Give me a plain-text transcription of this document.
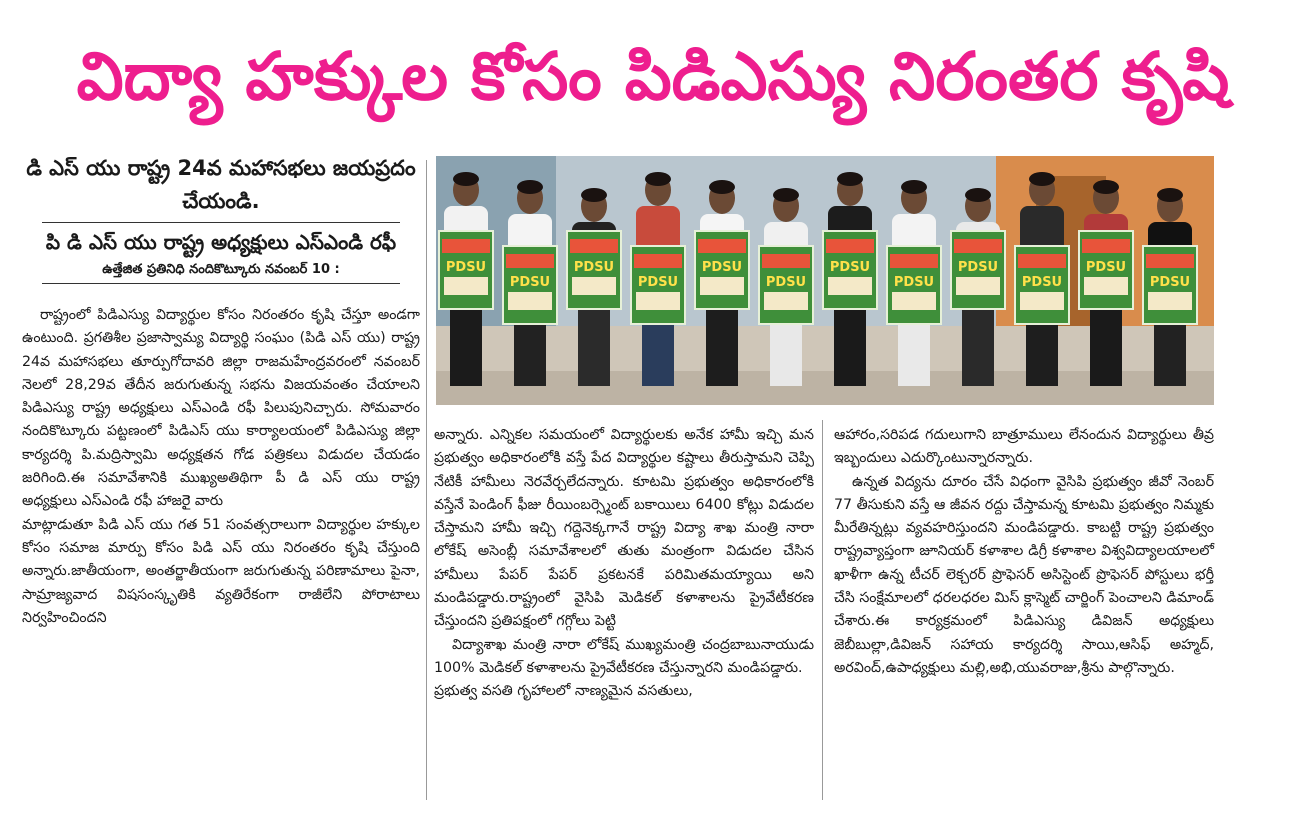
విద్యా హక్కుల కోసం పిడిఎస్యు నిరంతర కృషి
డి ఎస్ యు రాష్ట్ర 24వ మహాసభలు జయప్రదం చేయండి.
పి డి ఎస్ యు రాష్ట్ర అధ్యక్షులు ఎస్ఎండి రఫీ
ఉత్తేజిత ప్రతినిధి నందికొట్కూరు నవంబర్ 10 :

రాష్ట్రంలో పిడిఎస్యు విద్యార్థుల కోసం నిరంతరం కృషి చేస్తూ అండగా ఉంటుంది. ప్రగతిశీల ప్రజాస్వామ్య విద్యార్థి సంఘం (పిడి ఎస్ యు) రాష్ట్ర 24వ మహాసభలు తూర్పుగోదావరి జిల్లా రాజమహేంద్రవరంలో నవంబర్ నెలలో 28,29వ తేదీన జరుగుతున్న సభను విజయవంతం చేయాలని పిడిఎస్యు రాష్ట్ర అధ్యక్షులు ఎస్ఎండి రఫీ పిలుపునిచ్చారు. సోమవారం నందికొట్కూరు పట్టణంలో పిడిఎస్ యు కార్యాలయంలో పిడిఎస్యు జిల్లా కార్యదర్శి పి.మద్రిస్వామి అధ్యక్షతన గోడ పత్రికలు విడుదల చేయడం జరిగింది.ఈ సమావేశానికి ముఖ్యఅతిథిగా పీ డి ఎస్ యు రాష్ట్ర అధ్యక్షులు ఎస్ఎండి రఫీ హాజరైై వారు

మాట్లాడుతూ పిడి ఎస్ యు గత 51 సంవత్సరాలుగా విద్యార్థుల హక్కుల కోసం సమాజ మార్పు కోసం పిడి ఎస్ యు నిరంతరం కృషి చేస్తుంది అన్నారు.జాతీయంగా, అంతర్జాతీయంగా జరుగుతున్న పరిణామాలు పైనా, సామ్రాజ్యవాద విషసంస్కృతికి వ్యతిరేకంగా రాజీలేని పోరాటాలు నిర్వహించిందని

PDSU
PDSU
PDSU
PDSU
PDSU
PDSU
PDSU
PDSU
PDSU
PDSU
PDSU
PDSU

అన్నారు. ఎన్నికల సమయంలో విద్యార్థులకు అనేక హామీ ఇచ్చి మన ప్రభుత్వం అధికారంలోకి వస్తే పేద విద్యార్థుల కష్టాలు తీరుస్తామని చెప్పి నేటికీ హామీలు నెరవేర్చలేదన్నారు. కూటమి ప్రభుత్వం అధికారంలోకి వస్తేనే పెండింగ్ ఫీజు రీయింబర్స్మెంట్ బకాయిలు 6400 కోట్లు విడుదల చేస్తామని హామీ ఇచ్చి గద్దెనెక్కగానే రాష్ట్ర విద్యా శాఖ మంత్రి నారా లోకేష్ అసెంబ్లీ సమావేశాలలో తుతు మంత్రంగా విడుదల చేసిన హామీలు పేపర్ పేపర్ ప్రకటనకే పరిమితమయ్యాయి అని మండిపడ్డారు.రాష్ట్రంలో వైసిపి మెడికల్ కళాశాలను ప్రైవేటీకరణ చేస్తుందని ప్రతిపక్షంలో గగ్గోలు పెట్టి

విద్యాశాఖ మంత్రి నారా లోకేష్ ముఖ్యమంత్రి చంద్రబాబునాయుడు 100% మెడికల్ కళాశాలను ప్రైవేటీకరణ చేస్తున్నారని మండిపడ్డారు.

ప్రభుత్వ వసతి గృహాలలో నాణ్యమైన వసతులు,

ఆహారం,సరిపడ గదులుగాని బాత్రూములు లేనందున విద్యార్థులు తీవ్ర ఇబ్బందులు ఎదుర్కొంటున్నారన్నారు.

ఉన్నత విద్యను దూరం చేసే విధంగా వైసిపి ప్రభుత్వం జీవో నెంబర్ 77 తీసుకుని వస్తే ఆ జీవన రద్దు చేస్తామన్న కూటమి ప్రభుత్వం నిమ్మకు మీరేతిన్నట్లు వ్యవహరిస్తుందని మండిపడ్డారు. కాబట్టి రాష్ట్ర ప్రభుత్వం రాష్ట్రవ్యాప్తంగా జూనియర్ కళాశాల డిగ్రీ కళాశాల విశ్వవిద్యాలయాలలో ఖాళీగా ఉన్న టీచర్ లెక్చరర్ ప్రొఫెసర్ అసిస్టెంట్ ప్రొఫెసర్ పోస్టులు భర్తీ చేసి సంక్షేమాలలో ధరలధరల మిస్ క్లాస్మెట్ చార్జింగ్ పెంచాలని డిమాండ్ చేశారు.ఈ కార్యక్రమంలో పిడిఎస్యు డివిజన్ అధ్యక్షులు జెబీబుల్లా,డివిజన్ సహాయ కార్యదర్శి సాయి,ఆసిఫ్ అహ్మద్, అరవింద్,ఉపాధ్యక్షులు మల్లి,అభి,యువరాజు,శ్రీను పాల్గొన్నారు.
